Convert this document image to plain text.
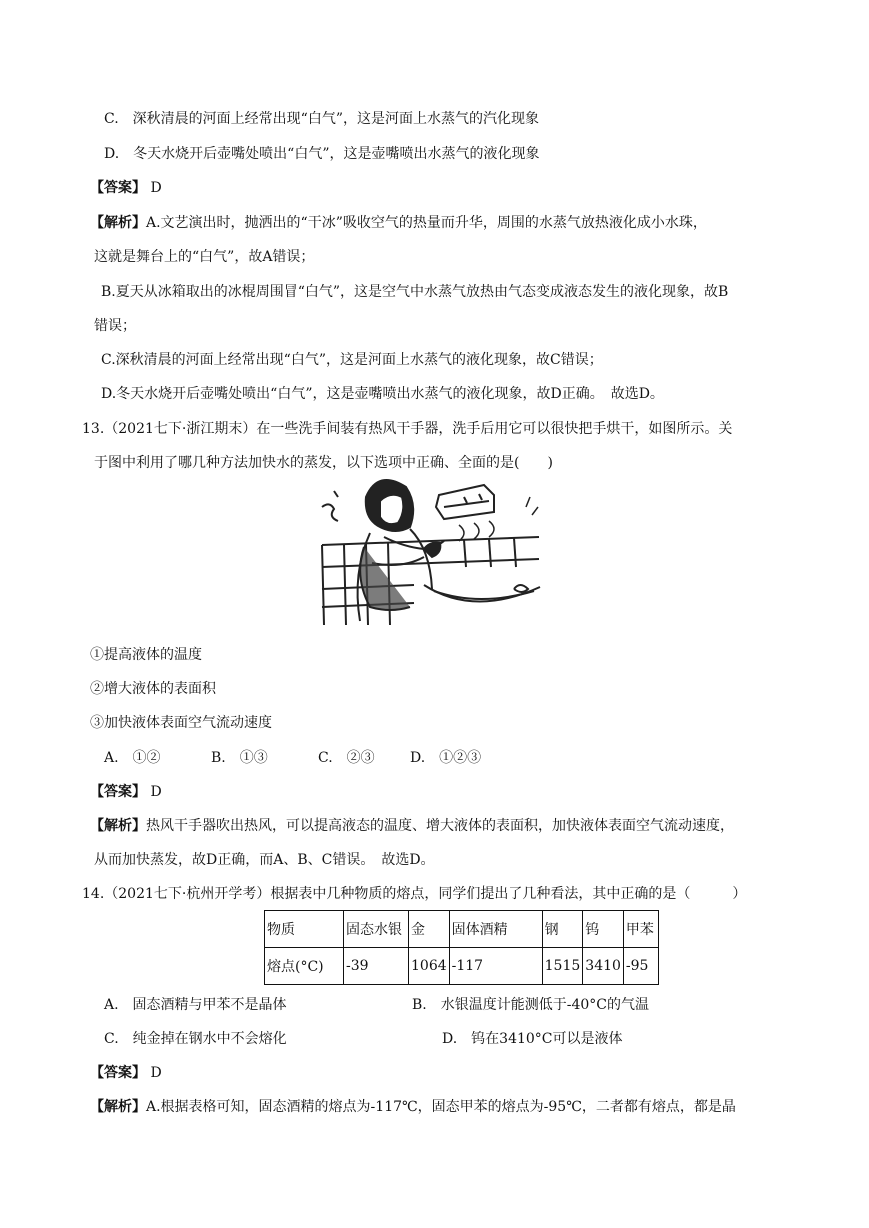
C.　深秋清晨的河面上经常出现“白气”，这是河面上水蒸气的汽化现象
D.　冬天水烧开后壶嘴处喷出“白气”，这是壶嘴喷出水蒸气的液化现象
【答案】 D
【解析】A.文艺演出时，抛洒出的“干冰”吸收空气的热量而升华，周围的水蒸气放热液化成小水珠，
这就是舞台上的“白气”，故A错误；
B.夏天从冰箱取出的冰棍周围冒“白气”，这是空气中水蒸气放热由气态变成液态发生的液化现象，故B
错误；
C.深秋清晨的河面上经常出现“白气”，这是河面上水蒸气的液化现象，故C错误；
D.冬天水烧开后壶嘴处喷出“白气”，这是壶嘴喷出水蒸气的液化现象，故D正确。　故选D。
13.（2021七下·浙江期末）在一些洗手间装有热风干手器，洗手后用它可以很快把手烘干，如图所示。关
于图中利用了哪几种方法加快水的蒸发，以下选项中正确、全面的是(　　)
①提高液体的温度
②增大液体的表面积
③加快液体表面空气流动速度
A.　①②	B.　①③	C.　②③	D.　①②③
【答案】 D
【解析】热风干手器吹出热风，可以提高液态的温度、增大液体的表面积，加快液体表面空气流动速度，
从而加快蒸发，故D正确，而A、B、C错误。　故选D。
14.（2021七下·杭州开学考）根据表中几种物质的熔点，同学们提出了几种看法，其中正确的是（　　　）
物质	固态水银	金	固体酒精	钢	钨	甲苯
熔点(°C)	-39	1064	-117	1515	3410	-95
A.　固态酒精与甲苯不是晶体	B.　水银温度计能测低于-40°C的气温
C.　纯金掉在钢水中不会熔化	D.　钨在3410°C可以是液体
【答案】 D
【解析】A.根据表格可知，固态酒精的熔点为-117℃，固态甲苯的熔点为-95℃，二者都有熔点，都是晶
